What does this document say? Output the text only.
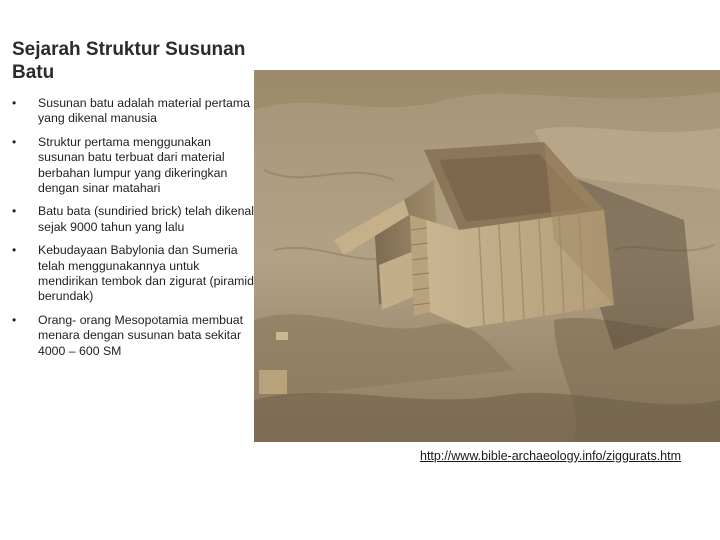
Sejarah Struktur Susunan Batu
•	Susunan batu adalah material pertama yang dikenal manusia
•	Struktur pertama menggunakan susunan batu terbuat dari material berbahan lumpur yang dikeringkan dengan sinar matahari
•	Batu bata (sundiried brick) telah dikenal sejak 9000 tahun yang lalu
•	Kebudayaan Babylonia dan Sumeria telah menggunakannya untuk mendirikan tembok dan zigurat (piramid berundak)
•	Orang- orang Mesopotamia membuat menara dengan susunan bata sekitar 4000 – 600 SM
http://www.bible-archaeology.info/ziggurats.htm
